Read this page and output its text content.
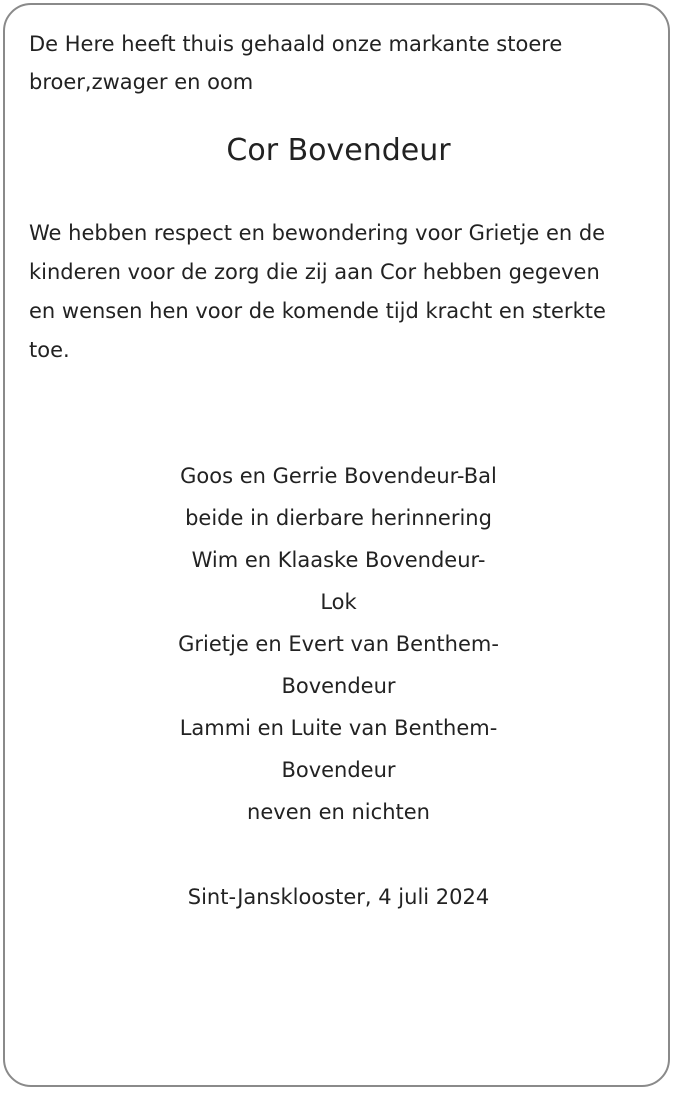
De Here heeft thuis gehaald onze markante stoere
broer,zwager en oom

Cor Bovendeur

We hebben respect en bewondering voor Grietje en de
kinderen voor de zorg die zij aan Cor hebben gegeven
en wensen hen voor de komende tijd kracht en sterkte
toe.

Goos en Gerrie Bovendeur-Bal
beide in dierbare herinnering
Wim en Klaaske Bovendeur-
Lok
Grietje en Evert van Benthem-
Bovendeur
Lammi en Luite van Benthem-
Bovendeur
neven en nichten

Sint-Jansklooster, 4 juli 2024
